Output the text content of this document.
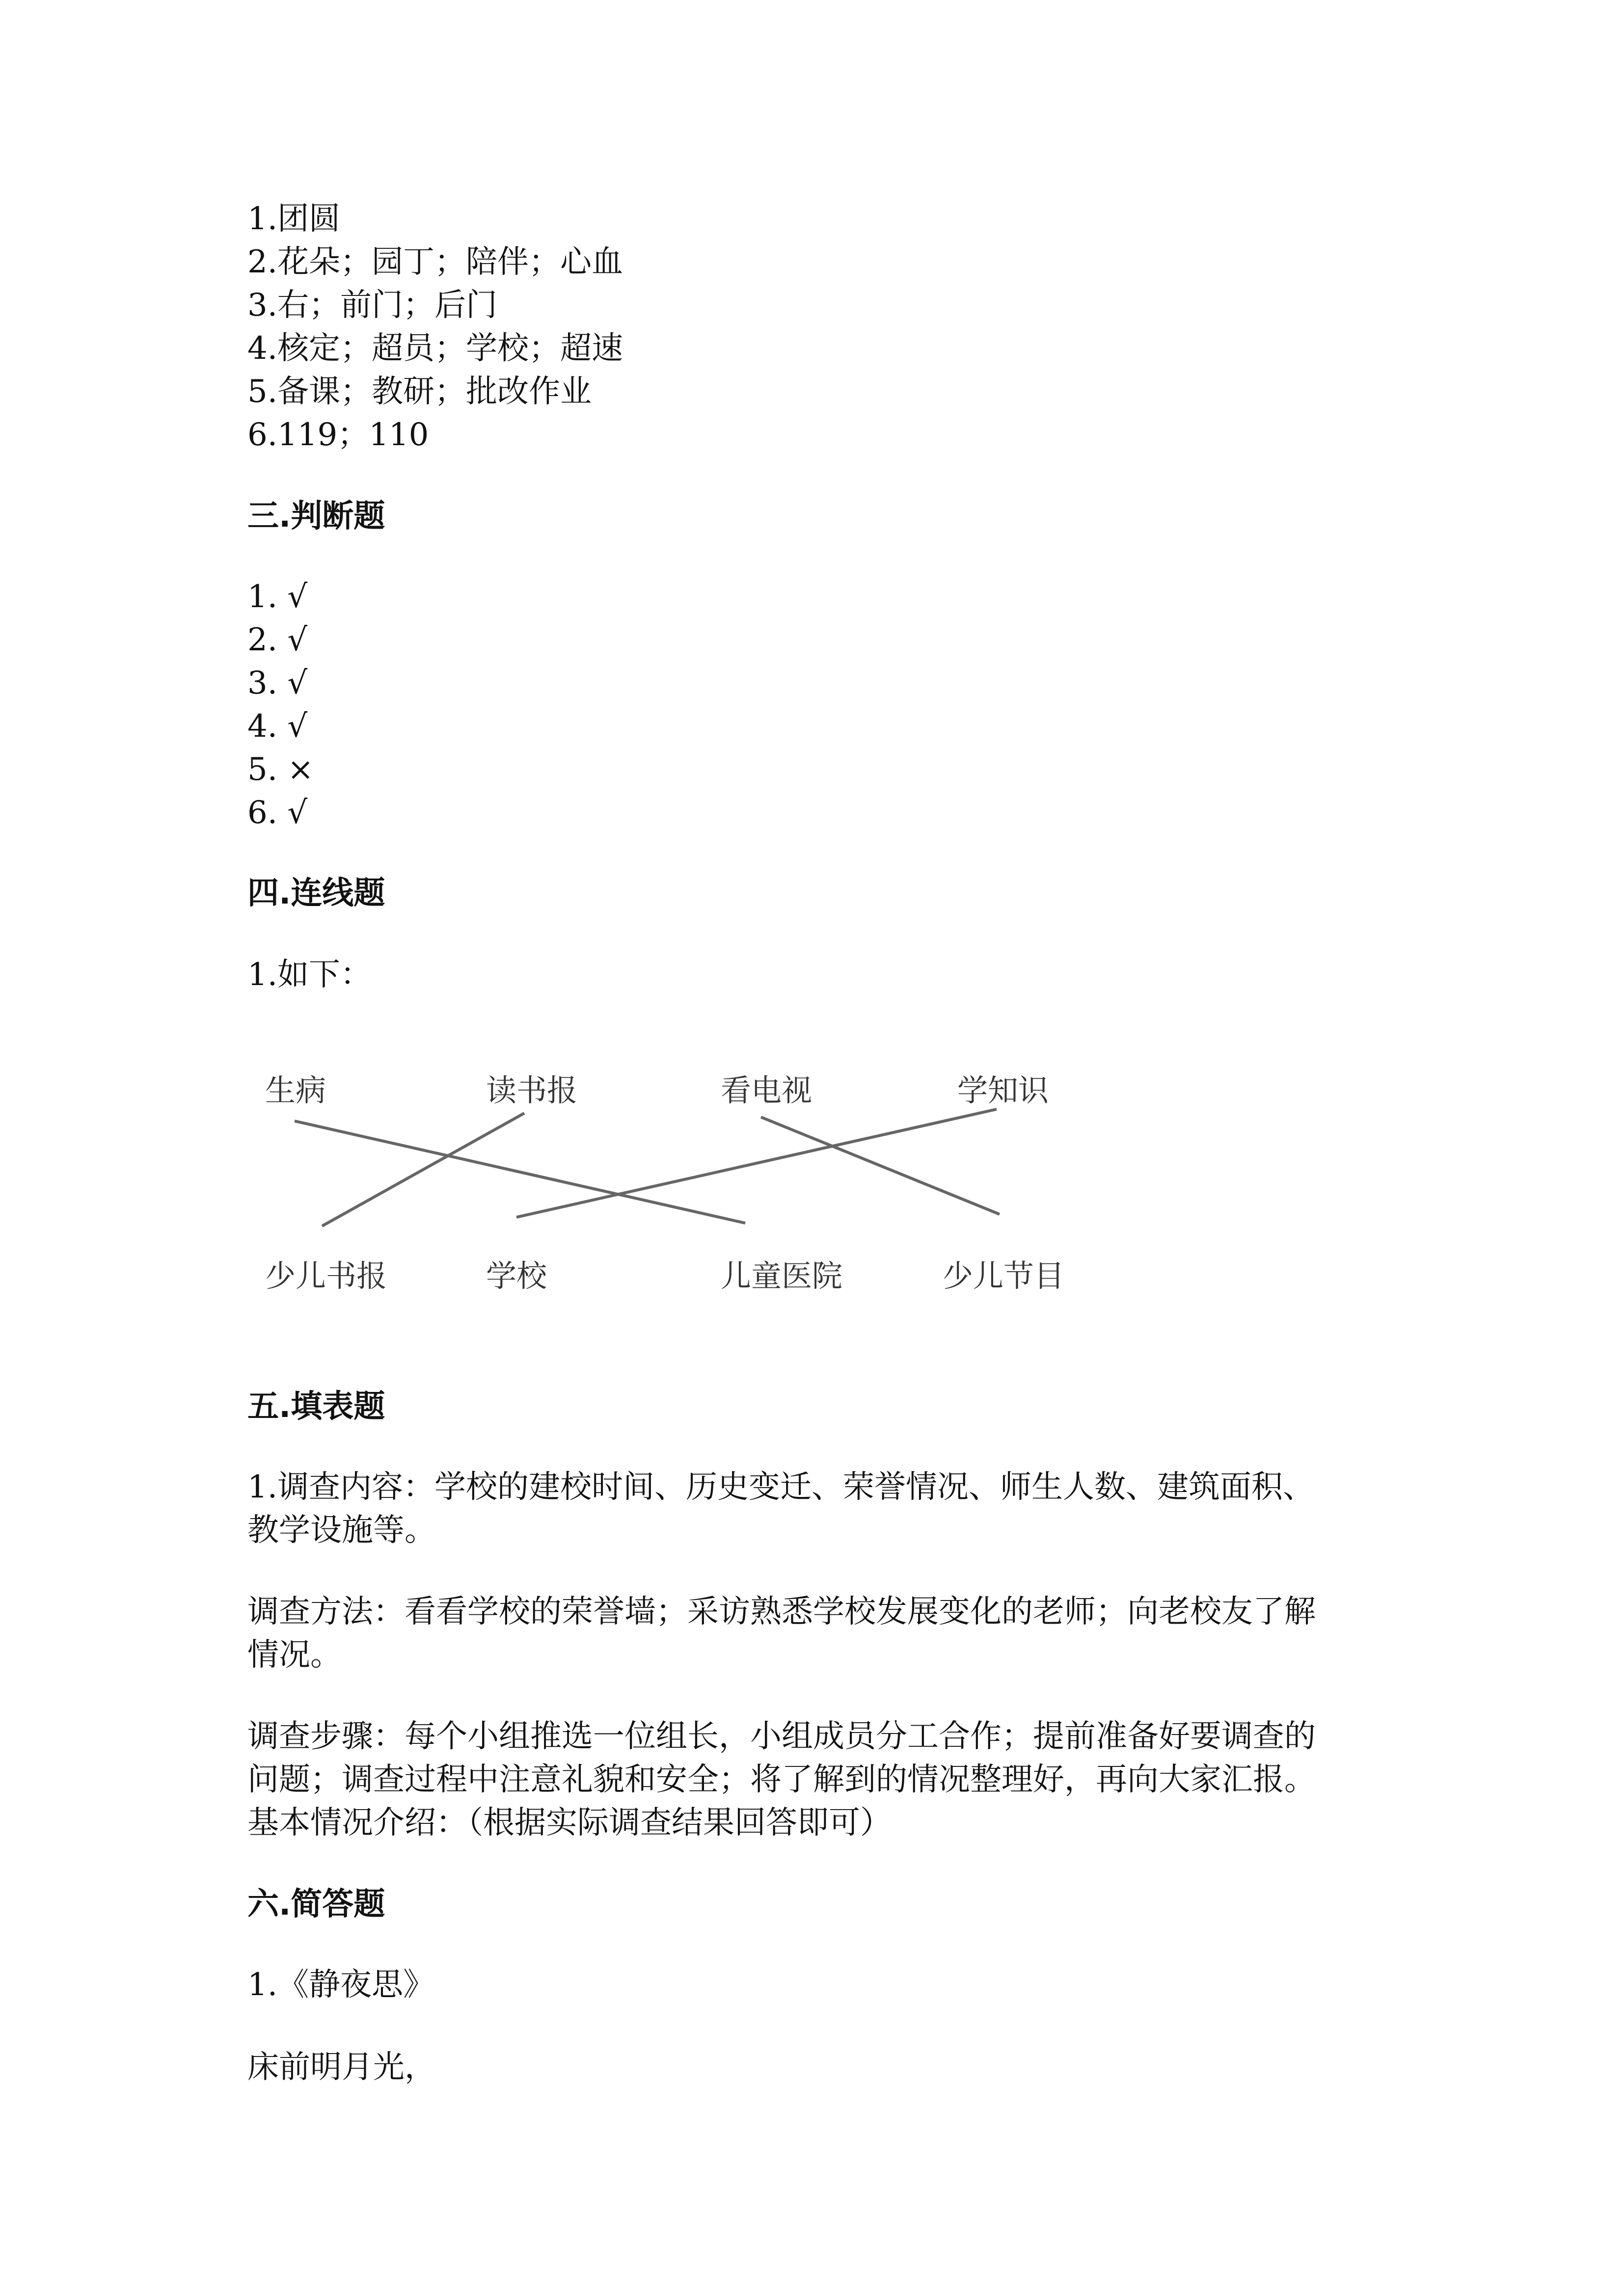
1.团圆
2.花朵；园丁；陪伴；心血
3.右；前门；后门
4.核定；超员；学校；超速
5.备课；教研；批改作业
6.119；110
三.判断题
1. √
2. √
3. √
4. √
5. ×
6. √
四.连线题
1.如下：
生病	读书报	看电视	学知识
少儿书报	学校	儿童医院	少儿节目
五.填表题
1.调查内容：学校的建校时间、历史变迁、荣誉情况、师生人数、建筑面积、
教学设施等。
调查方法：看看学校的荣誉墙；采访熟悉学校发展变化的老师；向老校友了解
情况。
调查步骤：每个小组推选一位组长，小组成员分工合作；提前准备好要调查的
问题；调查过程中注意礼貌和安全；将了解到的情况整理好，再向大家汇报。
基本情况介绍：（根据实际调查结果回答即可）
六.简答题
1.《静夜思》
床前明月光，
